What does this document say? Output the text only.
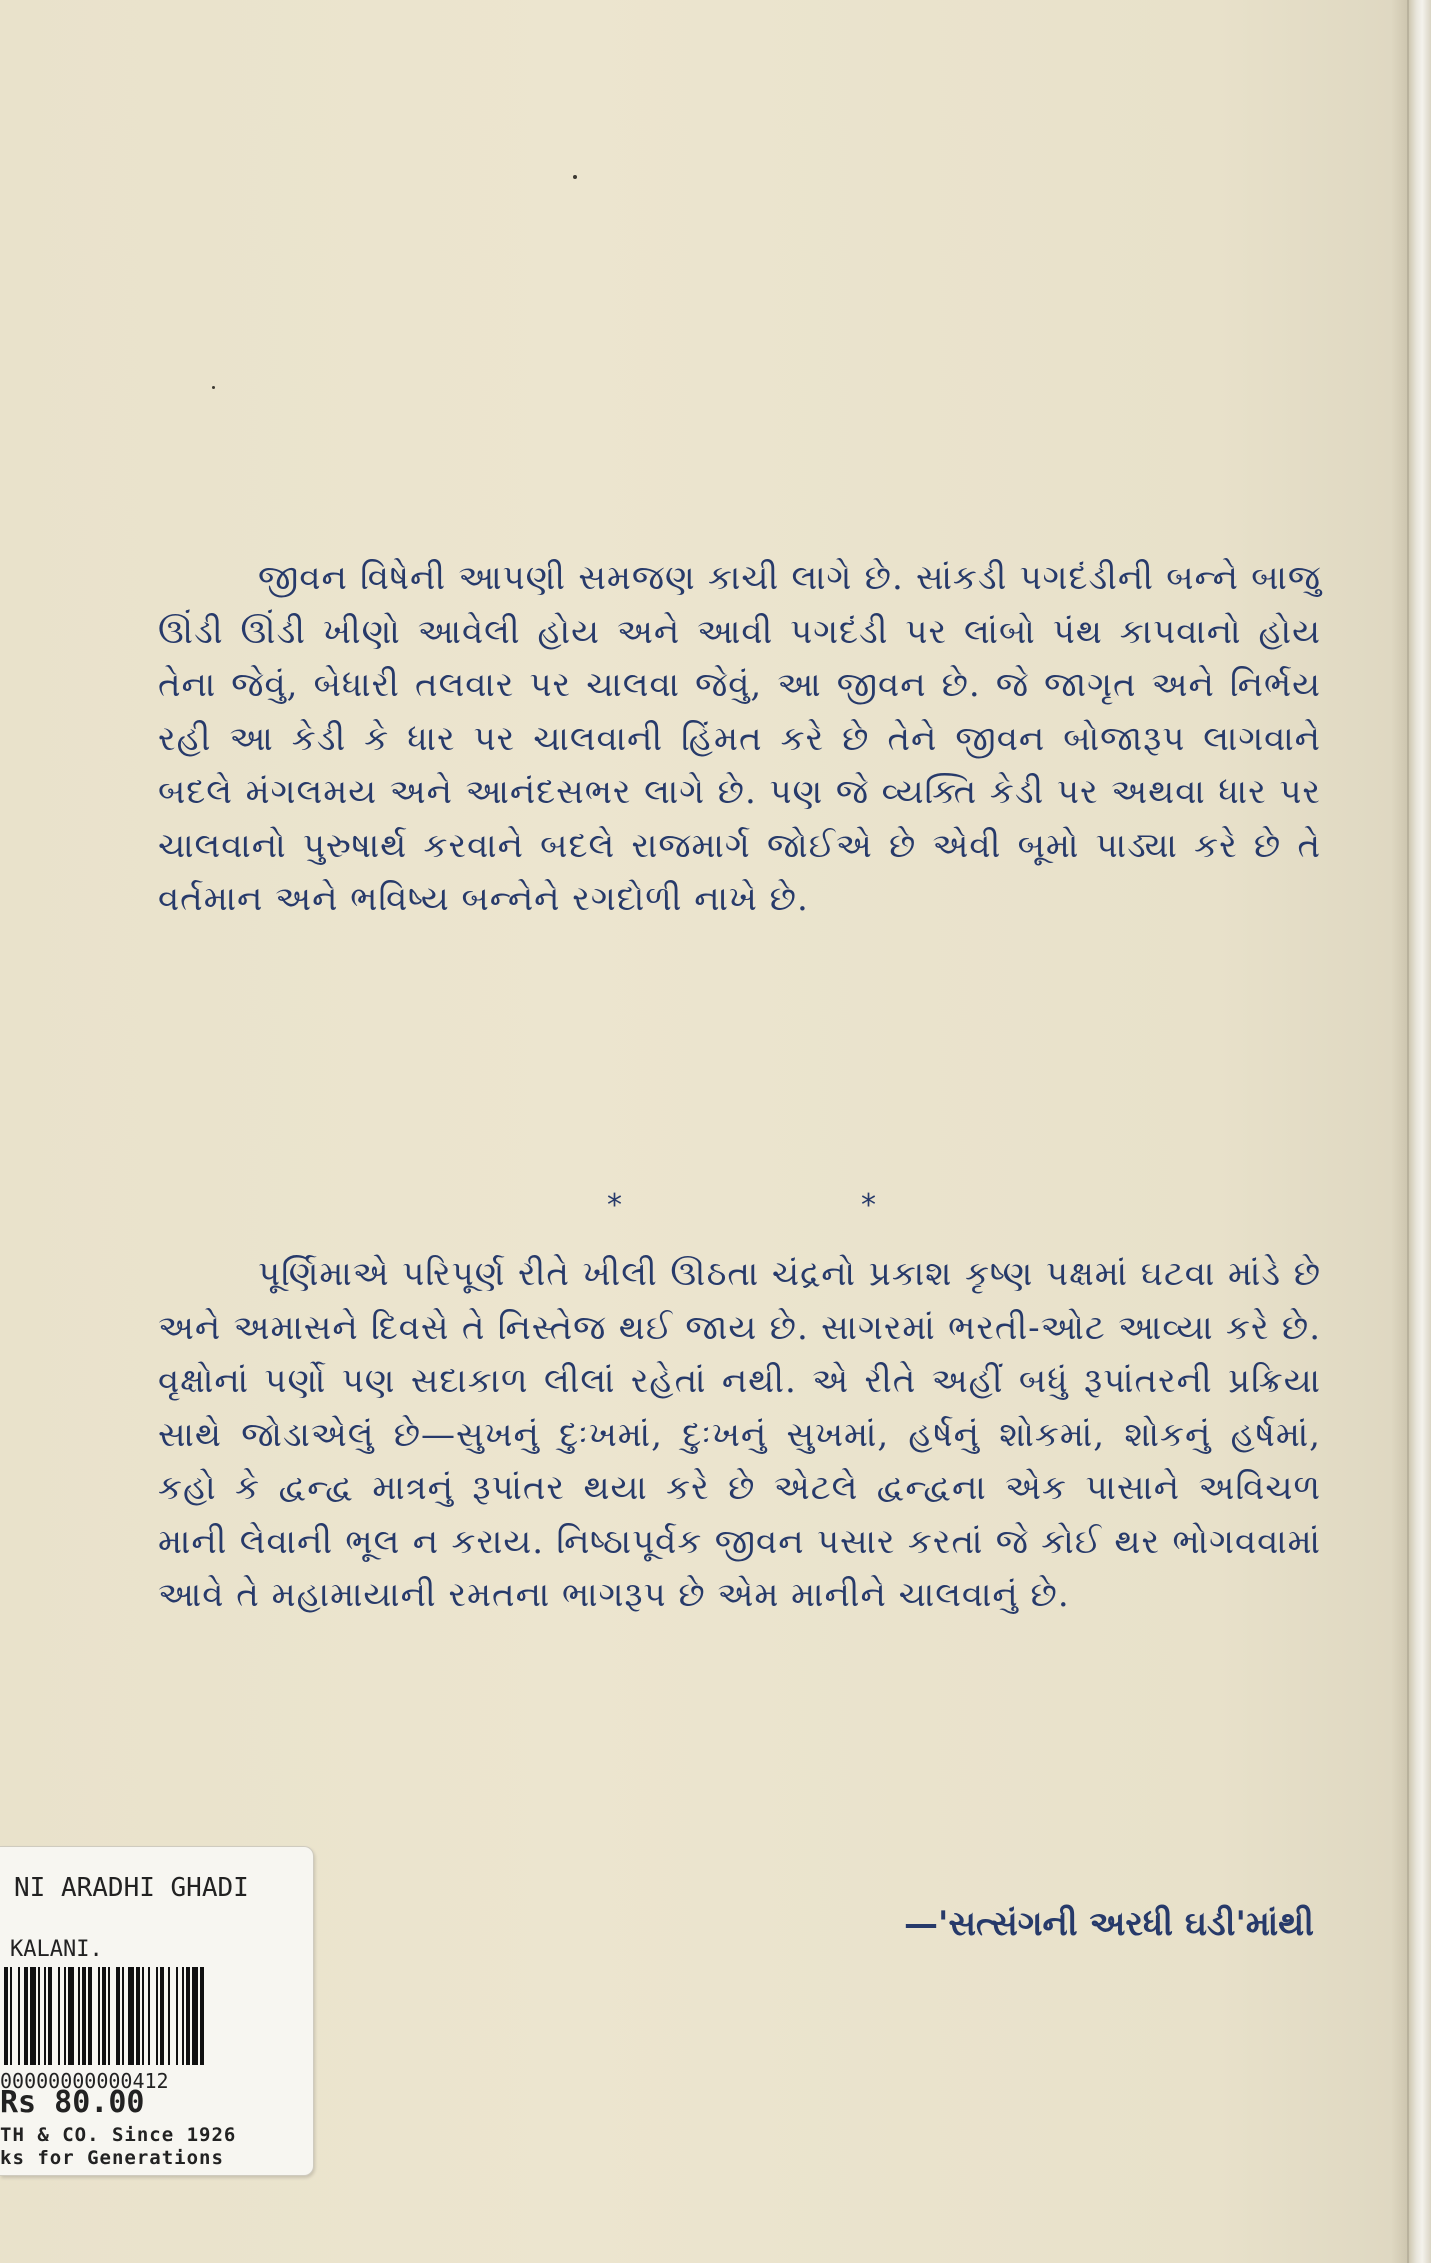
જીવન વિષેની આપણી સમજણ કાચી લાગે છે. સાંકડી પગદંડીની બન્ને બાજુ ઊંડી ઊંડી ખીણો આવેલી હોય અને આવી પગદંડી પર લાંબો પંથ કાપવાનો હોય તેના જેવું, બેધારી તલવાર પર ચાલવા જેવું, આ જીવન છે. જે જાગૃત અને નિર્ભય રહી આ કેડી કે ધાર પર ચાલવાની હિંમત કરે છે તેને જીવન બોજારૂપ લાગવાને બદલે મંગલમય અને આનંદસભર લાગે છે. પણ જે વ્યક્તિ કેડી પર અથવા ધાર પર ચાલવાનો પુરુષાર્થ કરવાને બદલે રાજમાર્ગ જોઈએ છે એવી બૂમો પાડ્યા કરે છે તે વર્તમાન અને ભવિષ્ય બન્નેને રગદોળી નાખે છે.
*	*
પૂર્ણિમાએ પરિપૂર્ણ રીતે ખીલી ઊઠતા ચંદ્રનો પ્રકાશ કૃષ્ણ પક્ષમાં ઘટવા માંડે છે અને અમાસને દિવસે તે નિસ્તેજ થઈ જાય છે. સાગરમાં ભરતી-ઓટ આવ્યા કરે છે. વૃક્ષોનાં પર્ણો પણ સદાકાળ લીલાં રહેતાં નથી. એ રીતે અહીં બધું રૂપાંતરની પ્રક્રિયા સાથે જોડાએલું છે—સુખનું દુઃખમાં, દુઃખનું સુખમાં, હર્ષનું શોકમાં, શોકનું હર્ષમાં, કહો કે દ્વન્દ્વ માત્રનું રૂપાંતર થયા કરે છે એટલે દ્વન્દ્વના એક પાસાને અવિચળ માની લેવાની ભૂલ ન કરાય. નિષ્ઠાપૂર્વક જીવન પસાર કરતાં જે કોઈ થર ભોગવવામાં આવે તે મહામાયાની રમતના ભાગરૂપ છે એમ માનીને ચાલવાનું છે.
—'સત્સંગની અરધી ઘડી'માંથી
NI ARADHI GHADI
KALANI.
00000000000412
Rs 80.00
TH & CO. Since 1926
ks for Generations
